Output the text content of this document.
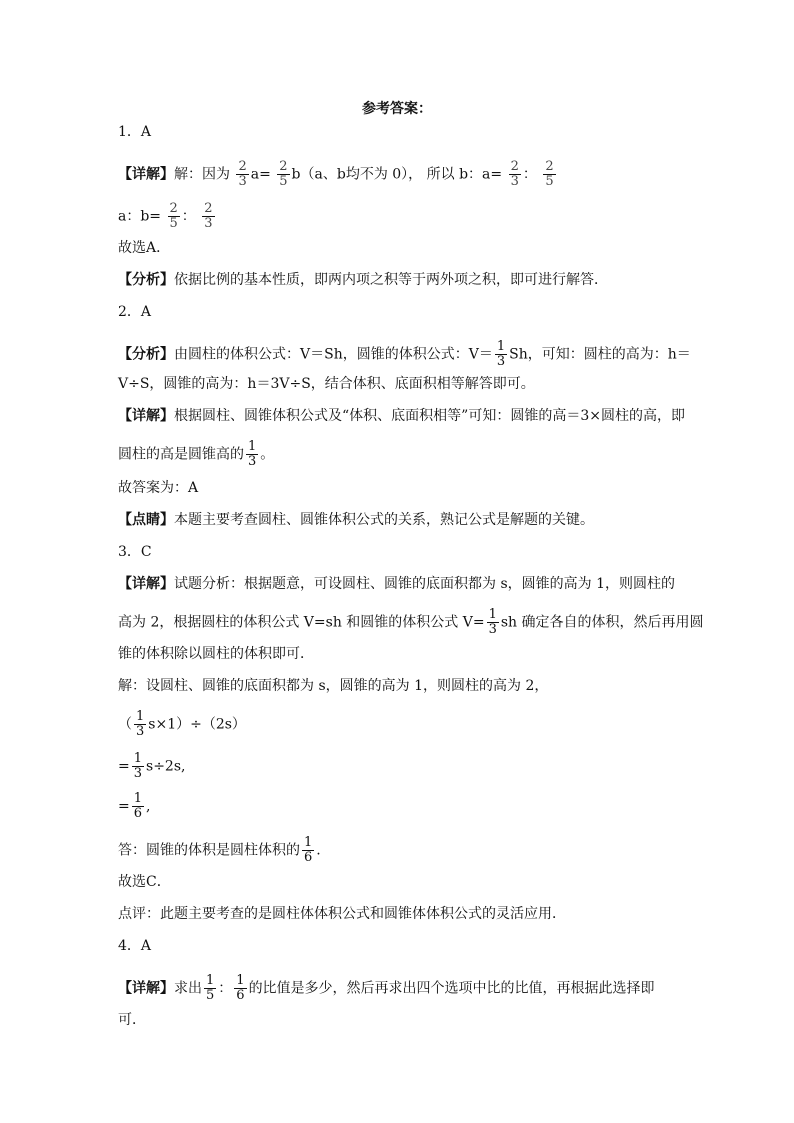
参考答案：
1．A
【详解】解：因为 $\frac{2}{3} a= \frac{2}{5} b(a$、b均不为 0）， 所以 b：$a= \frac{2}{3}$ ： $\frac{2}{5}$
a：$b= \frac{2}{5}$ ： $\frac{2}{3}$
故选A．
【分析】依据比例的基本性质，即两内项之积等于两外项之积，即可进行解答．
2．A
【分析】由圆柱的体积公式：V＝Sh，圆锥的体积公式：$V= \frac{1}{3}$ Sh，可知：圆柱的高为：h＝
V÷S，圆锥的高为：h＝3V÷S，结合体积、底面积相等解答即可。
【详解】根据圆柱、圆锥体积公式及“体积、底面积相等”可知：圆锥的高＝3×圆柱的高，即
圆柱的高是圆锥高的 $\frac{1}{3}$ 。
故答案为：A
【点睛】本题主要考查圆柱、圆锥体积公式的关系，熟记公式是解题的关键。
3．C
【详解】试题分析：根据题意，可设圆柱、圆锥的底面积都为 s，圆锥的高为 1，则圆柱的
高为 2，根据圆柱的体积公式 V=sh 和圆锥的体积公式 $V= \frac{1}{3}$ sh 确定各自的体积，然后再用圆
锥的体积除以圆柱的体积即可．
解：设圆柱、圆锥的底面积都为 s，圆锥的高为 1，则圆柱的高为 2，
（ $\frac{1}{3} s\times 1)\div(2s)$
= $\frac{1}{3} s\div 2s$,
= $\frac{1}{6}$ ,
答：圆锥的体积是圆柱体积的 $\frac{1}{6}$ .
故选C．
点评：此题主要考查的是圆柱体体积公式和圆锥体体积公式的灵活应用．
4．A
【详解】求出 $\frac{1}{5}$ ： $\frac{1}{6}$ 的比值是多少，然后再求出四个选项中比的比值，再根据此选择即
可．
